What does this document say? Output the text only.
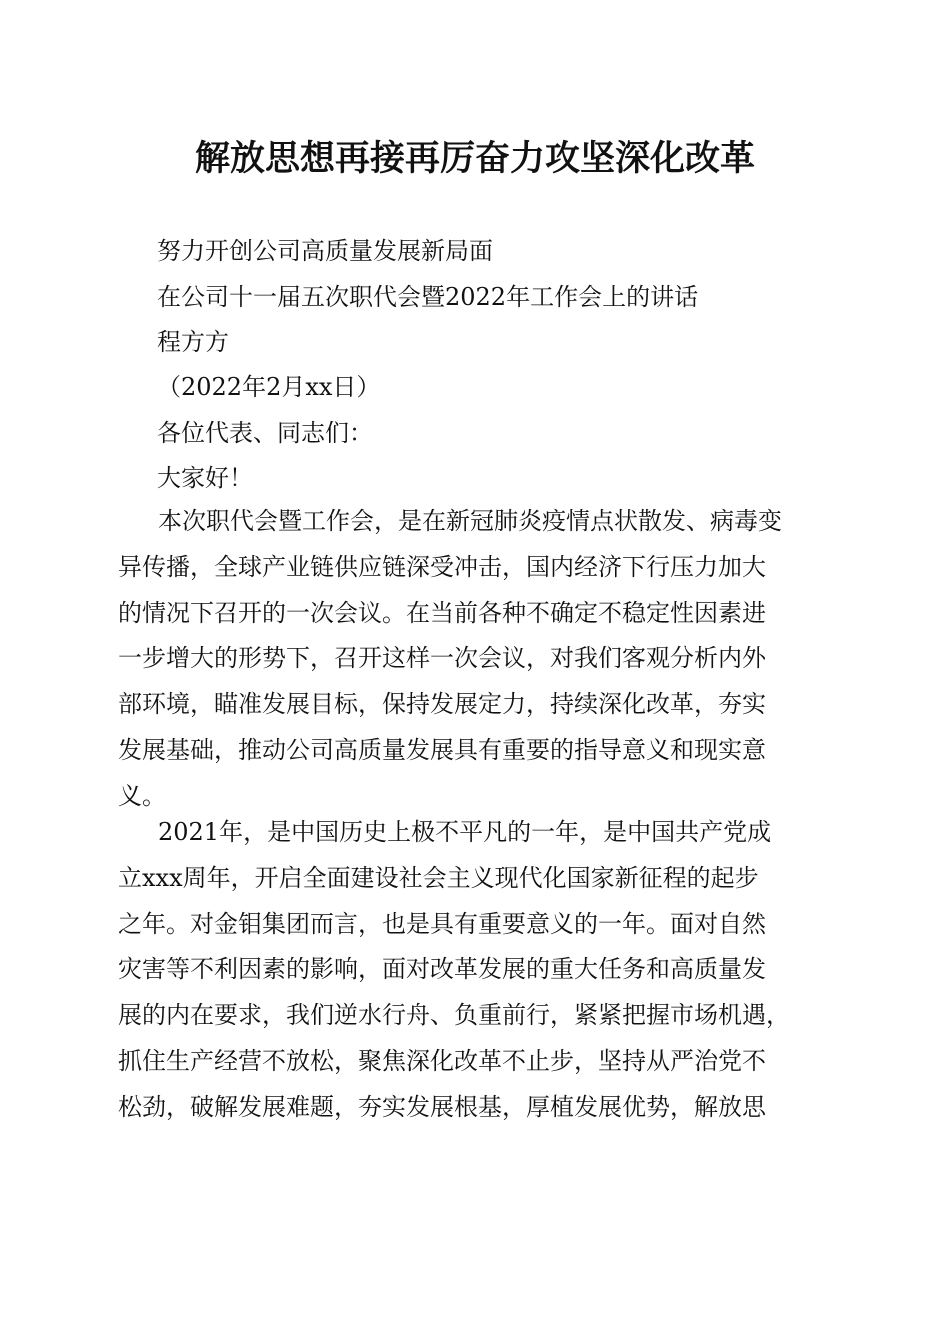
解放思想再接再厉奋力攻坚深化改革

努力开创公司高质量发展新局面

在公司十一届五次职代会暨2022年工作会上的讲话

程方方

（2022年2月xx日）

各位代表、同志们：

大家好！

本次职代会暨工作会，是在新冠肺炎疫情点状散发、病毒变
异传播，全球产业链供应链深受冲击，国内经济下行压力加大
的情况下召开的一次会议。在当前各种不确定不稳定性因素进
一步增大的形势下，召开这样一次会议，对我们客观分析内外
部环境，瞄准发展目标，保持发展定力，持续深化改革，夯实
发展基础，推动公司高质量发展具有重要的指导意义和现实意
义。
2021年，是中国历史上极不平凡的一年，是中国共产党成
立xxx周年，开启全面建设社会主义现代化国家新征程的起步
之年。对金钼集团而言，也是具有重要意义的一年。面对自然
灾害等不利因素的影响，面对改革发展的重大任务和高质量发
展的内在要求，我们逆水行舟、负重前行，紧紧把握市场机遇，
抓住生产经营不放松，聚焦深化改革不止步，坚持从严治党不
松劲，破解发展难题，夯实发展根基，厚植发展优势，解放思
